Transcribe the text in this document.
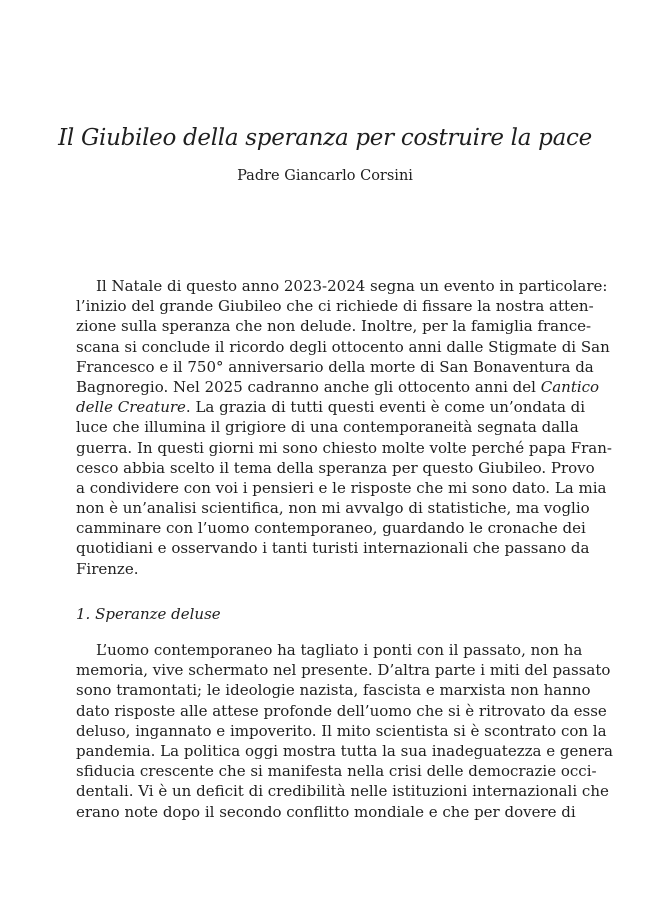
Il Giubileo della speranza per costruire la pace
Padre Giancarlo Corsini
Il Natale di questo anno 2023-2024 segna un evento in particolare:
l’inizio del grande Giubileo che ci richiede di fissare la nostra atten-
zione sulla speranza che non delude. Inoltre, per la famiglia france-
scana si conclude il ricordo degli ottocento anni dalle Stigmate di San
Francesco e il 750° anniversario della morte di San Bonaventura da
Bagnoregio. Nel 2025 cadranno anche gli ottocento anni del Cantico
delle Creature. La grazia di tutti questi eventi è come un’ondata di
luce che illumina il grigiore di una contemporaneità segnata dalla
guerra. In questi giorni mi sono chiesto molte volte perché papa Fran-
cesco abbia scelto il tema della speranza per questo Giubileo. Provo
a condividere con voi i pensieri e le risposte che mi sono dato. La mia
non è un’analisi scientifica, non mi avvalgo di statistiche, ma voglio
camminare con l’uomo contemporaneo, guardando le cronache dei
quotidiani e osservando i tanti turisti internazionali che passano da
Firenze.
1. Speranze deluse
L’uomo contemporaneo ha tagliato i ponti con il passato, non ha
memoria, vive schermato nel presente. D’altra parte i miti del passato
sono tramontati; le ideologie nazista, fascista e marxista non hanno
dato risposte alle attese profonde dell’uomo che si è ritrovato da esse
deluso, ingannato e impoverito. Il mito scientista si è scontrato con la
pandemia. La politica oggi mostra tutta la sua inadeguatezza e genera
sfiducia crescente che si manifesta nella crisi delle democrazie occi-
dentali. Vi è un deficit di credibilità nelle istituzioni internazionali che
erano note dopo il secondo conflitto mondiale e che per dovere di
